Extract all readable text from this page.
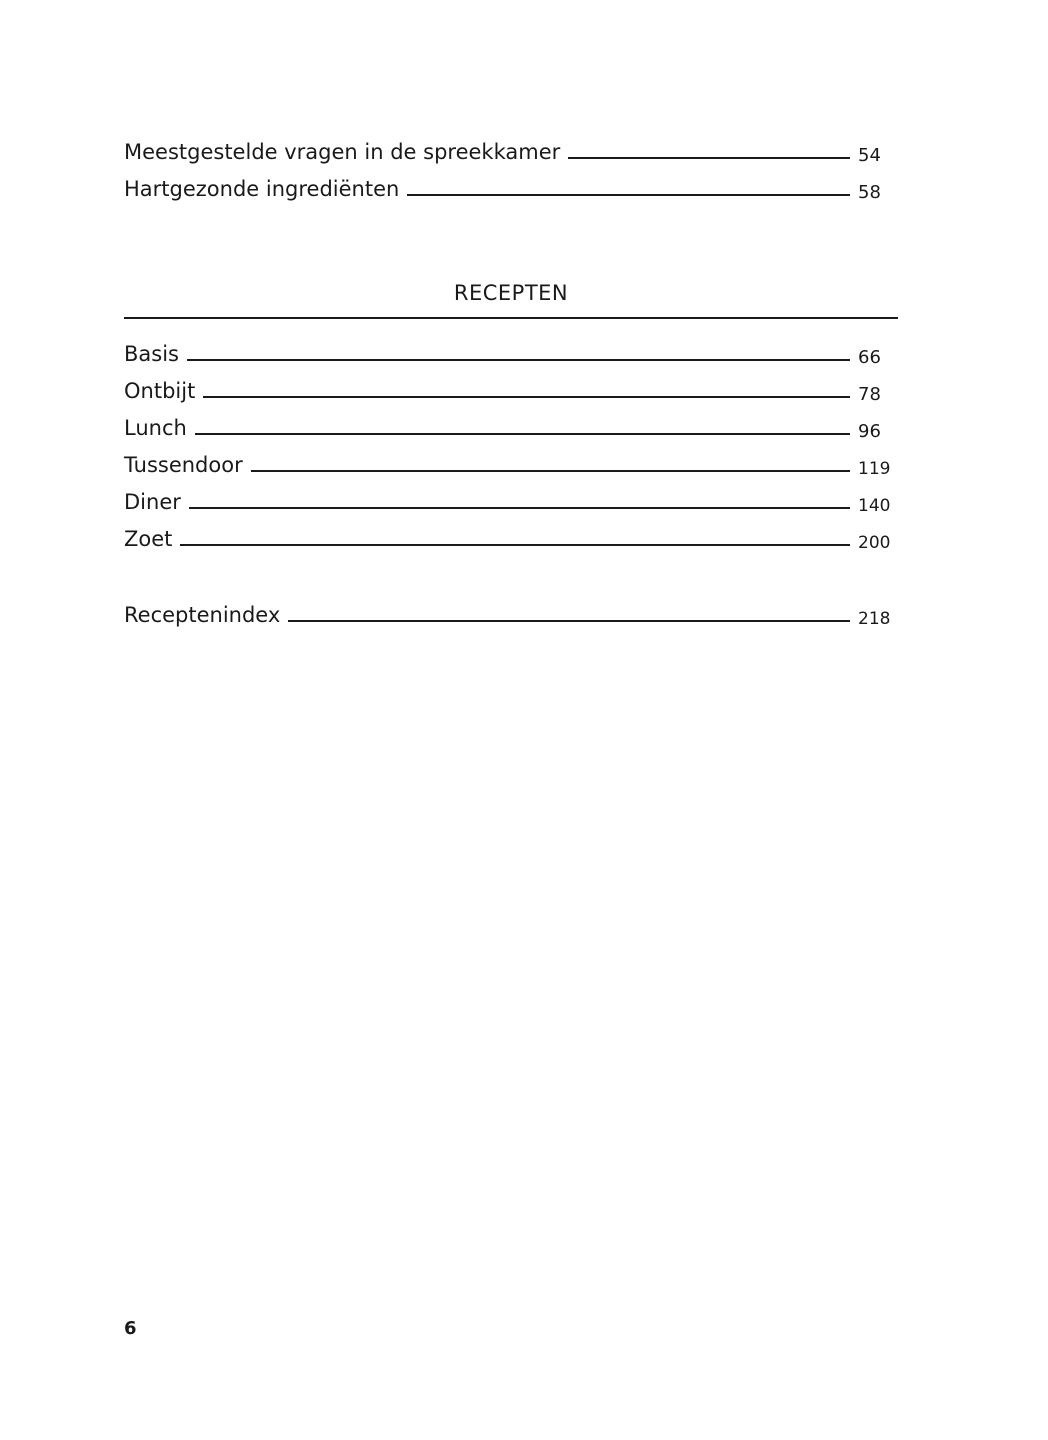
Meestgestelde vragen in de spreekkamer	54
Hartgezonde ingrediënten	58
RECEPTEN
Basis	66
Ontbijt	78
Lunch	96
Tussendoor	119
Diner	140
Zoet	200
Receptenindex	218
6
